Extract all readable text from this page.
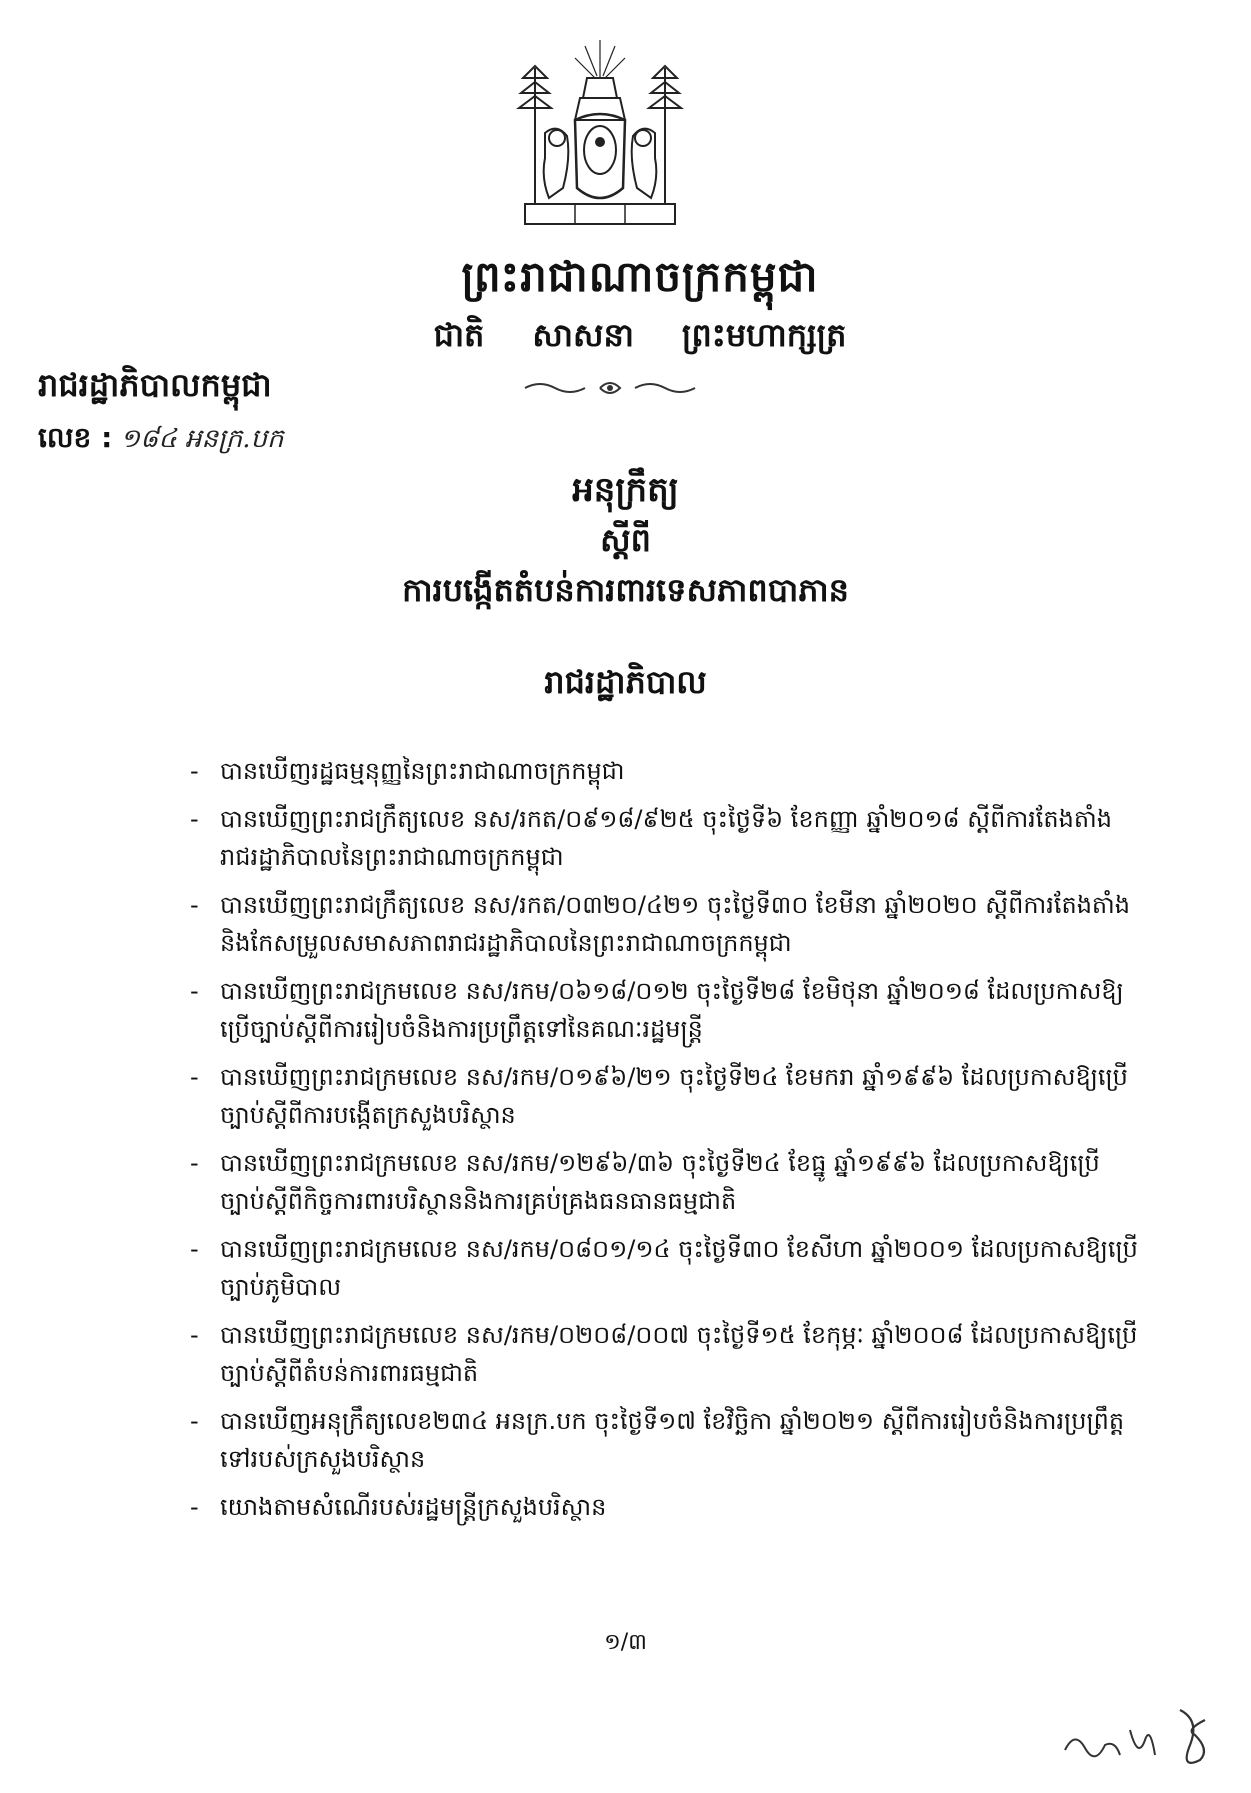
ព្រះរាជាណាចក្រកម្ពុជា
ជាតិ សាសនា ព្រះមហាក្សត្រ
រាជរដ្ឋាភិបាលកម្ពុជា
លេខ : ១៨៤ អនក្រ.បក
អនុក្រឹត្យ
ស្តីពី
ការបង្កើតតំបន់ការពារទេសភាពបាភាន
រាជរដ្ឋាភិបាល
- បានឃើញរដ្ឋធម្មនុញ្ញនៃព្រះរាជាណាចក្រកម្ពុជា
- បានឃើញព្រះរាជក្រឹត្យលេខ នស/រកត/០៩១៨/៩២៥ ចុះថ្ងៃទី៦ ខែកញ្ញា ឆ្នាំ២០១៨ ស្តីពីការតែងតាំងរាជរដ្ឋាភិបាលនៃព្រះរាជាណាចក្រកម្ពុជា
- បានឃើញព្រះរាជក្រឹត្យលេខ នស/រកត/០៣២០/៤២១ ចុះថ្ងៃទី៣០ ខែមីនា ឆ្នាំ២០២០ ស្តីពីការតែងតាំងនិងកែសម្រួលសមាសភាពរាជរដ្ឋាភិបាលនៃព្រះរាជាណាចក្រកម្ពុជា
- បានឃើញព្រះរាជក្រមលេខ នស/រកម/០៦១៨/០១២ ចុះថ្ងៃទី២៨ ខែមិថុនា ឆ្នាំ២០១៨ ដែលប្រកាសឱ្យប្រើច្បាប់ស្តីពីការរៀបចំនិងការប្រព្រឹត្តទៅនៃគណៈរដ្ឋមន្ត្រី
- បានឃើញព្រះរាជក្រមលេខ នស/រកម/០១៩៦/២១ ចុះថ្ងៃទី២៤ ខែមករា ឆ្នាំ១៩៩៦ ដែលប្រកាសឱ្យប្រើច្បាប់ស្តីពីការបង្កើតក្រសួងបរិស្ថាន
- បានឃើញព្រះរាជក្រមលេខ នស/រកម/១២៩៦/៣៦ ចុះថ្ងៃទី២៤ ខែធ្នូ ឆ្នាំ១៩៩៦ ដែលប្រកាសឱ្យប្រើច្បាប់ស្តីពីកិច្ចការពារបរិស្ថាននិងការគ្រប់គ្រងធនធានធម្មជាតិ
- បានឃើញព្រះរាជក្រមលេខ នស/រកម/០៨០១/១៤ ចុះថ្ងៃទី៣០ ខែសីហា ឆ្នាំ២០០១ ដែលប្រកាសឱ្យប្រើច្បាប់ភូមិបាល
- បានឃើញព្រះរាជក្រមលេខ នស/រកម/០២០៨/០០៧ ចុះថ្ងៃទី១៥ ខែកុម្ភៈ ឆ្នាំ២០០៨ ដែលប្រកាសឱ្យប្រើច្បាប់ស្តីពីតំបន់ការពារធម្មជាតិ
- បានឃើញអនុក្រឹត្យលេខ២៣៤ អនក្រ.បក ចុះថ្ងៃទី១៧ ខែវិច្ឆិកា ឆ្នាំ២០២១ ស្តីពីការរៀបចំនិងការប្រព្រឹត្តទៅរបស់ក្រសួងបរិស្ថាន
- យោងតាមសំណើរបស់រដ្ឋមន្ត្រីក្រសួងបរិស្ថាន
១/៣
